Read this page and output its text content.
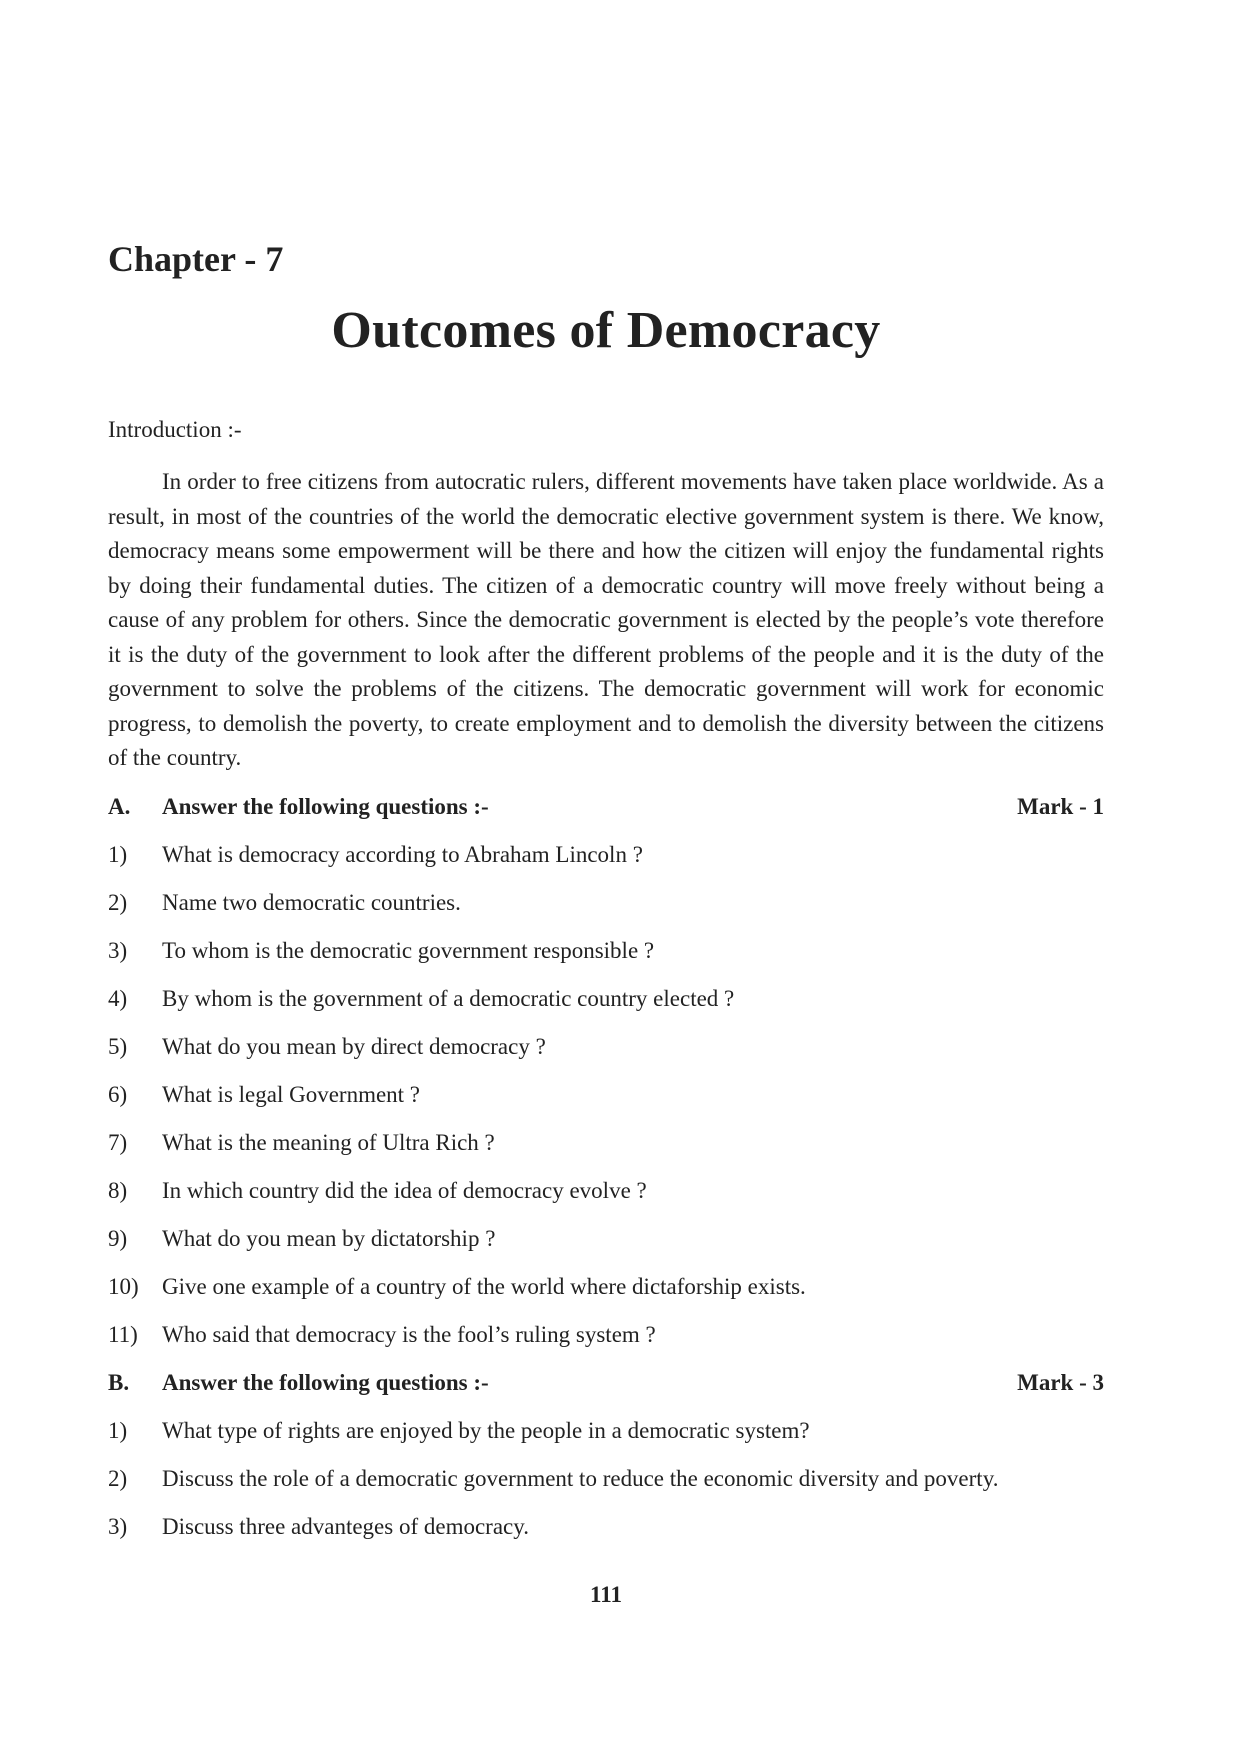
Chapter - 7
Outcomes of Democracy
Introduction :-

In order to free citizens from autocratic rulers, different movements have taken place worldwide. As a result, in most of the countries of the world the democratic elective government system is there. We know, democracy means some empowerment will be there and how the citizen will enjoy the fundamental rights by doing their fundamental duties. The citizen of a democratic country will move freely without being a cause of any problem for others. Since the democratic government is elected by the people’s vote therefore it is the duty of the government to look after the different problems of the people and it is the duty of the government to solve the problems of the citizens. The democratic government will work for economic progress, to demolish the poverty, to create employment and to demolish the diversity between the citizens of the country.

A. Answer the following questions :-	Mark - 1
1) What is democracy according to Abraham Lincoln ?
2) Name two democratic countries.
3) To whom is the democratic government responsible ?
4) By whom is the government of a democratic country elected ?
5) What do you mean by direct democracy ?
6) What is legal Government ?
7) What is the meaning of Ultra Rich ?
8) In which country did the idea of democracy evolve ?
9) What do you mean by dictatorship ?
10) Give one example of a country of the world where dictaforship exists.
11) Who said that democracy is the fool’s ruling system ?
B. Answer the following questions :-	Mark - 3
1) What type of rights are enjoyed by the people in a democratic system?
2) Discuss the role of a democratic government to reduce the economic diversity and poverty.
3) Discuss three advanteges of democracy.
111
